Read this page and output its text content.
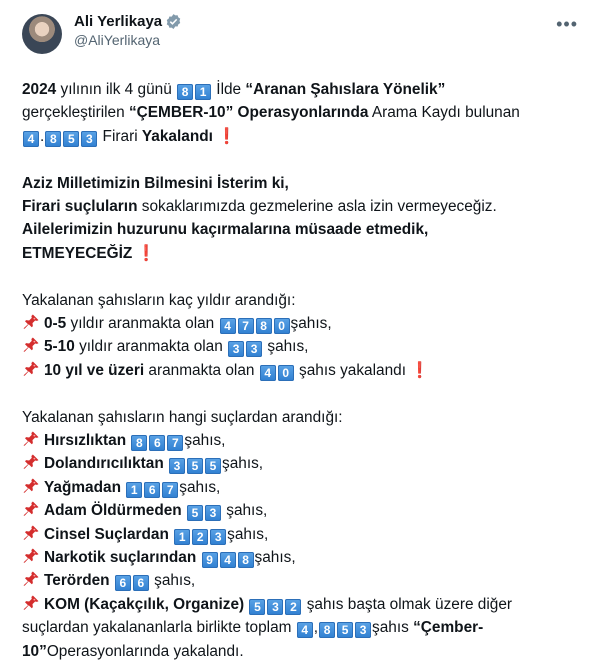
Ali Yerlikaya
@AliYerlikaya
•••

2024 yılının ilk 4 günü 8 1 İlde “Aranan Şahıslara Yönelik”

gerçekleştirilen “ÇEMBER-10” Operasyonlarında Arama Kaydı bulunan

4 . 8 5 3 Firari Yakalandı ❗

Aziz Milletimizin Bilmesini İsterim ki,

Firari suçluların sokaklarımızda gezmelerine asla izin vermeyeceğiz.

Ailelerimizin huzurunu kaçırmalarına müsaade etmedik,

ETMEYECEĞİZ ❗

Yakalanan şahısların kaç yıldır arandığı:

0-5 yıldır aranmakta olan 4 7 8 0 şahıs,

5-10 yıldır aranmakta olan 3 3 şahıs,

10 yıl ve üzeri aranmakta olan 4 0 şahıs yakalandı ❗

Yakalanan şahısların hangi suçlardan arandığı:

Hırsızlıktan 8 6 7 şahıs,

Dolandırıcılıktan 3 5 5 şahıs,

Yağmadan 1 6 7 şahıs,

Adam Öldürmeden 5 3 şahıs,

Cinsel Suçlardan 1 2 3 şahıs,

Narkotik suçlarından 9 4 8 şahıs,

Terörden 6 6 şahıs,

KOM (Kaçakçılık, Organize) 5 3 2 şahıs başta olmak üzere diğer

suçlardan yakalananlarla birlikte toplam 4 , 8 5 3 şahıs “Çember-

10”Operasyonlarında yakalandı.
